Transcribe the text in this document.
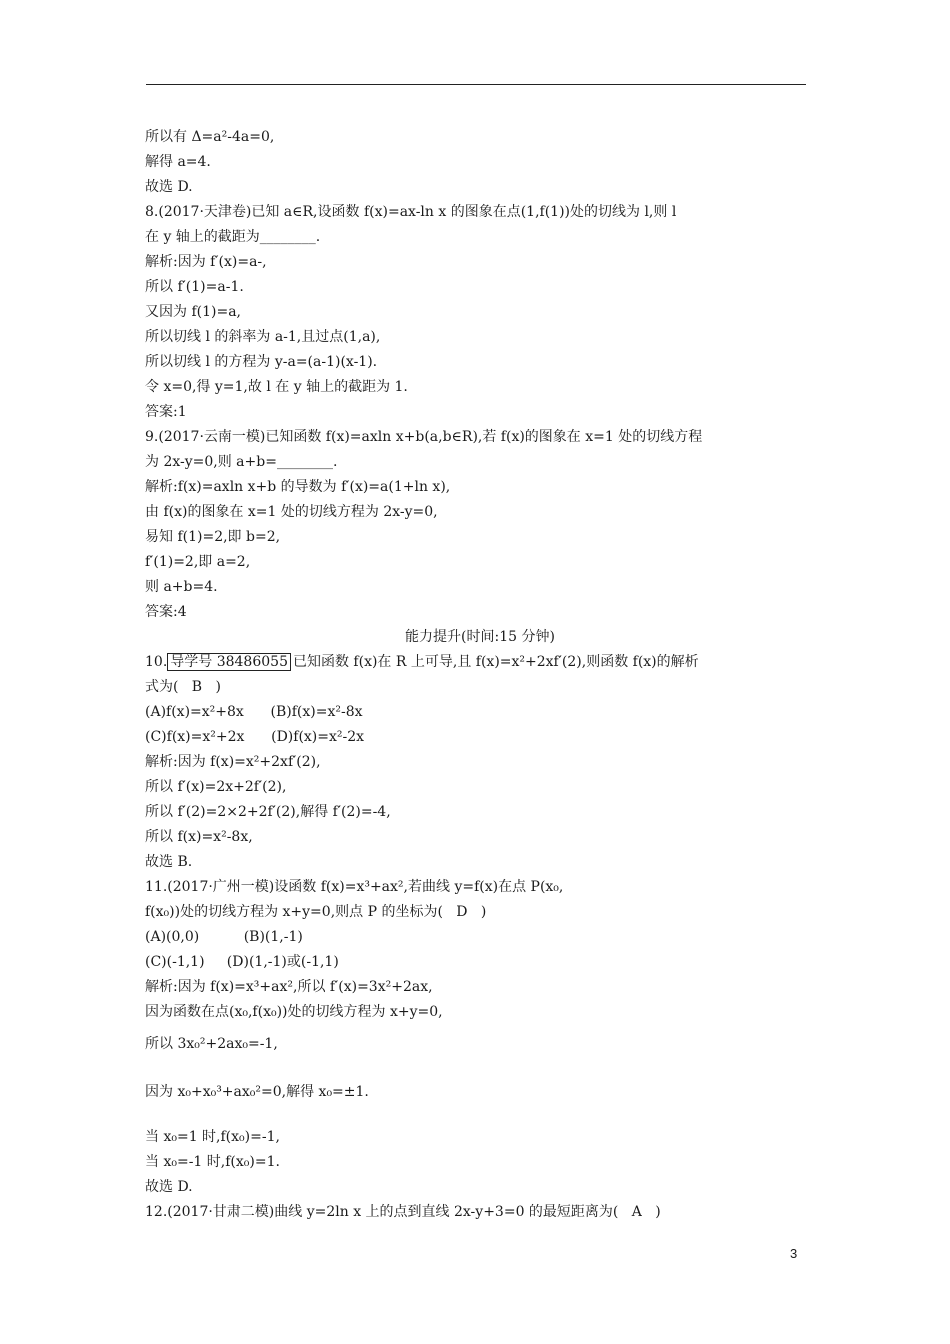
所以有 Δ=a²-4a=0,
解得 a=4.
故选 D.
8.(2017·天津卷)已知 a∈R,设函数 f(x)=ax-ln x 的图象在点(1,f(1))处的切线为 l,则 l
在 y 轴上的截距为________.
解析:因为 f′(x)=a-,
所以 f′(1)=a-1.
又因为 f(1)=a,
所以切线 l 的斜率为 a-1,且过点(1,a),
所以切线 l 的方程为 y-a=(a-1)(x-1).
令 x=0,得 y=1,故 l 在 y 轴上的截距为 1.
答案:1
9.(2017·云南一模)已知函数 f(x)=axln x+b(a,b∈R),若 f(x)的图象在 x=1 处的切线方程
为 2x-y=0,则 a+b=________.
解析:f(x)=axln x+b 的导数为 f′(x)=a(1+ln x),
由 f(x)的图象在 x=1 处的切线方程为 2x-y=0,
易知 f(1)=2,即 b=2,
f′(1)=2,即 a=2,
则 a+b=4.
答案:4
能力提升(时间:15 分钟)
10. 导学号 38486055 已知函数 f(x)在 R 上可导,且 f(x)=x²+2xf′(2),则函数 f(x)的解析
式为(   B   )
(A)f(x)=x²+8x      (B)f(x)=x²-8x
(C)f(x)=x²+2x      (D)f(x)=x²-2x
解析:因为 f(x)=x²+2xf′(2),
所以 f′(x)=2x+2f′(2),
所以 f′(2)=2×2+2f′(2),解得 f′(2)=-4,
所以 f(x)=x²-8x,
故选 B.
11.(2017·广州一模)设函数 f(x)=x³+ax²,若曲线 y=f(x)在点 P(x₀,
f(x₀))处的切线方程为 x+y=0,则点 P 的坐标为(   D   )
(A)(0,0)          (B)(1,-1)
(C)(-1,1)     (D)(1,-1)或(-1,1)
解析:因为 f(x)=x³+ax²,所以 f′(x)=3x²+2ax,
因为函数在点(x₀,f(x₀))处的切线方程为 x+y=0,
所以 3x₀²+2ax₀=-1,
因为 x₀+x₀³+ax₀²=0,解得 x₀=±1.
当 x₀=1 时,f(x₀)=-1,
当 x₀=-1 时,f(x₀)=1.
故选 D.
12.(2017·甘肃二模)曲线 y=2ln x 上的点到直线 2x-y+3=0 的最短距离为(   A   )
3
